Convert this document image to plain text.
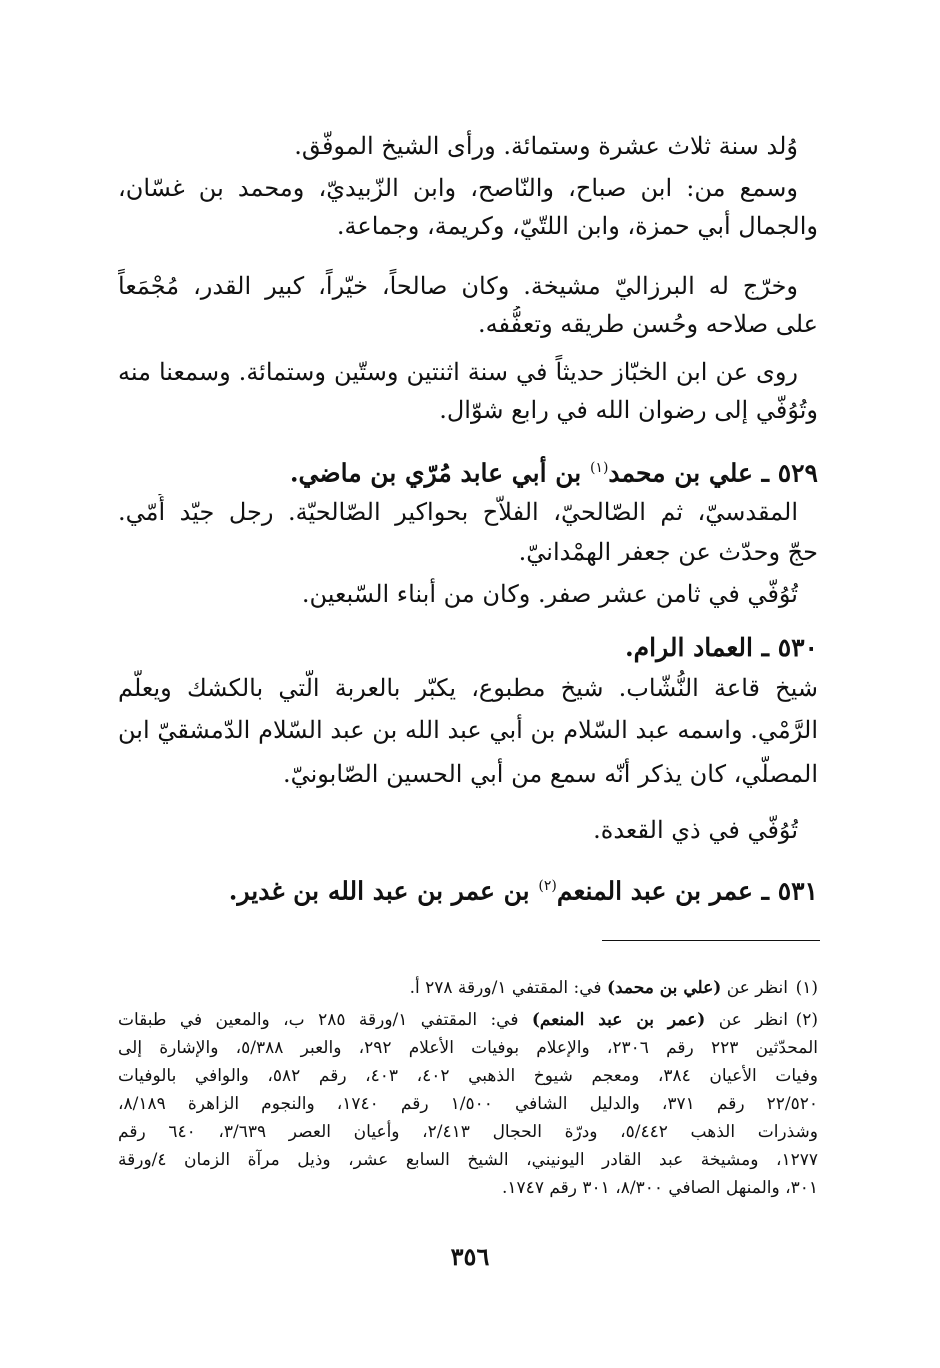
وُلد سنة ثلاث عشرة وستمائة. ورأى الشيخ الموفّق.
وسمع من: ابن صباح، والنّاصح، وابن الزّبيديّ، ومحمد بن غسّان،
والجمال أبي حمزة، وابن اللتّيّ، وكريمة، وجماعة.
وخرّج له البرزاليّ مشيخة. وكان صالحاً، خيّراً، كبير القدر، مُجْمَعاً
على صلاحه وحُسن طريقه وتعفُّفه.
روى عن ابن الخبّاز حديثاً في سنة اثنتين وستّين وستمائة. وسمعنا منه
وتُوُفّي إلى رضوان الله في رابع شوّال.
٥٢٩ ـ علي بن محمد$^{(١)}$ بن أبي عابد مُرّي بن ماضي.
المقدسيّ، ثم الصّالحيّ، الفلاّح بحواكير الصّالحيّة. رجل جيّد أُمّي.
حجّ وحدّث عن جعفر الهمْدانيّ.
تُوُفّي في ثامن عشر صفر. وكان من أبناء السّبعين.
٥٣٠ ـ العماد الرام.
شيخ قاعة النُّشّاب. شيخ مطبوع، يكبّر بالعربة الّتي بالكشك ويعلّم
الرَّمْي. واسمه عبد السّلام بن أبي عبد الله بن عبد السّلام الدّمشقيّ ابن
المصلّي، كان يذكر أنّه سمع من أبي الحسين الصّابونيّ.
تُوُفّي في ذي القعدة.
٥٣١ ـ عمر بن عبد المنعم$^{(٢)}$ بن عمر بن عبد الله بن غدير.
(١)
انظر عن (علي بن محمد) في: المقتفي ١/ورقة ٢٧٨ أ.
(٢)
انظر عن (عمر بن عبد المنعم) في: المقتفي ١/ورقة ٢٨٥ ب، والمعين في طبقات
المحدّثين ٢٢٣ رقم ٢٣٠٦، والإعلام بوفيات الأعلام ٢٩٢، والعبر ٥/٣٨٨، والإشارة إلى
وفيات الأعيان ٣٨٤، ومعجم شيوخ الذهبي ٤٠٢، ٤٠٣، رقم ٥٨٢، والوافي بالوفيات
٢٢/٥٢٠ رقم ٣٧١، والدليل الشافي ١/٥٠٠ رقم ١٧٤٠، والنجوم الزاهرة ٨/١٨٩،
وشذرات الذهب ٥/٤٤٢، ودرّة الحجال ٢/٤١٣، وأعيان العصر ٣/٦٣٩، ٦٤٠ رقم
١٢٧٧، ومشيخة عبد القادر اليونيني، الشيخ السابع عشر، وذيل مرآة الزمان ٤/ورقة
٣٠١، والمنهل الصافي ٨/٣٠٠، ٣٠١ رقم ١٧٤٧.
٣٥٦
